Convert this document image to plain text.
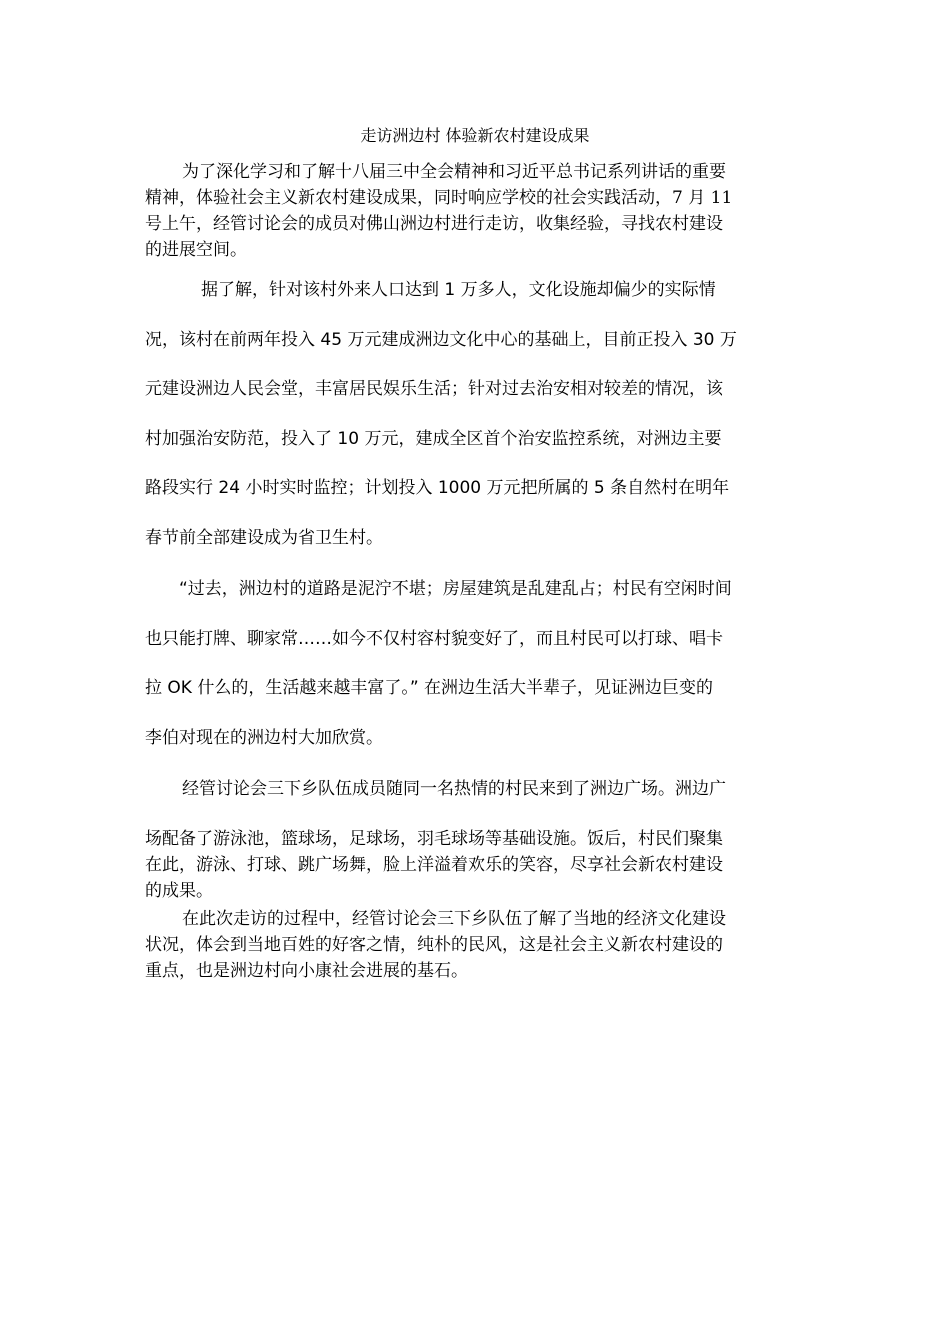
走访洲边村 体验新农村建设成果

为了深化学习和了解十八届三中全会精神和习近平总书记系列讲话的重要
精神，体验社会主义新农村建设成果，同时响应学校的社会实践活动，7 月 11
号上午，经管讨论会的成员对佛山洲边村进行走访，收集经验，寻找农村建设
的进展空间。

据了解，针对该村外来人口达到 1 万多人，文化设施却偏少的实际情
况，该村在前两年投入 45 万元建成洲边文化中心的基础上，目前正投入 30 万
元建设洲边人民会堂，丰富居民娱乐生活；针对过去治安相对较差的情况，该
村加强治安防范，投入了 10 万元，建成全区首个治安监控系统，对洲边主要
路段实行 24 小时实时监控；计划投入 1000 万元把所属的 5 条自然村在明年
春节前全部建设成为省卫生村。

“过去，洲边村的道路是泥泞不堪；房屋建筑是乱建乱占；村民有空闲时间
也只能打牌、聊家常……如今不仅村容村貌变好了，而且村民可以打球、唱卡
拉 OK 什么的，生活越来越丰富了。” 在洲边生活大半辈子，见证洲边巨变的
李伯对现在的洲边村大加欣赏。

经管讨论会三下乡队伍成员随同一名热情的村民来到了洲边广场。洲边广
场配备了游泳池，篮球场，足球场，羽毛球场等基础设施。饭后，村民们聚集

在此，游泳、打球、跳广场舞，脸上洋溢着欢乐的笑容，尽享社会新农村建设
的成果。

在此次走访的过程中，经管讨论会三下乡队伍了解了当地的经济文化建设
状况，体会到当地百姓的好客之情，纯朴的民风，这是社会主义新农村建设的
重点，也是洲边村向小康社会进展的基石。
